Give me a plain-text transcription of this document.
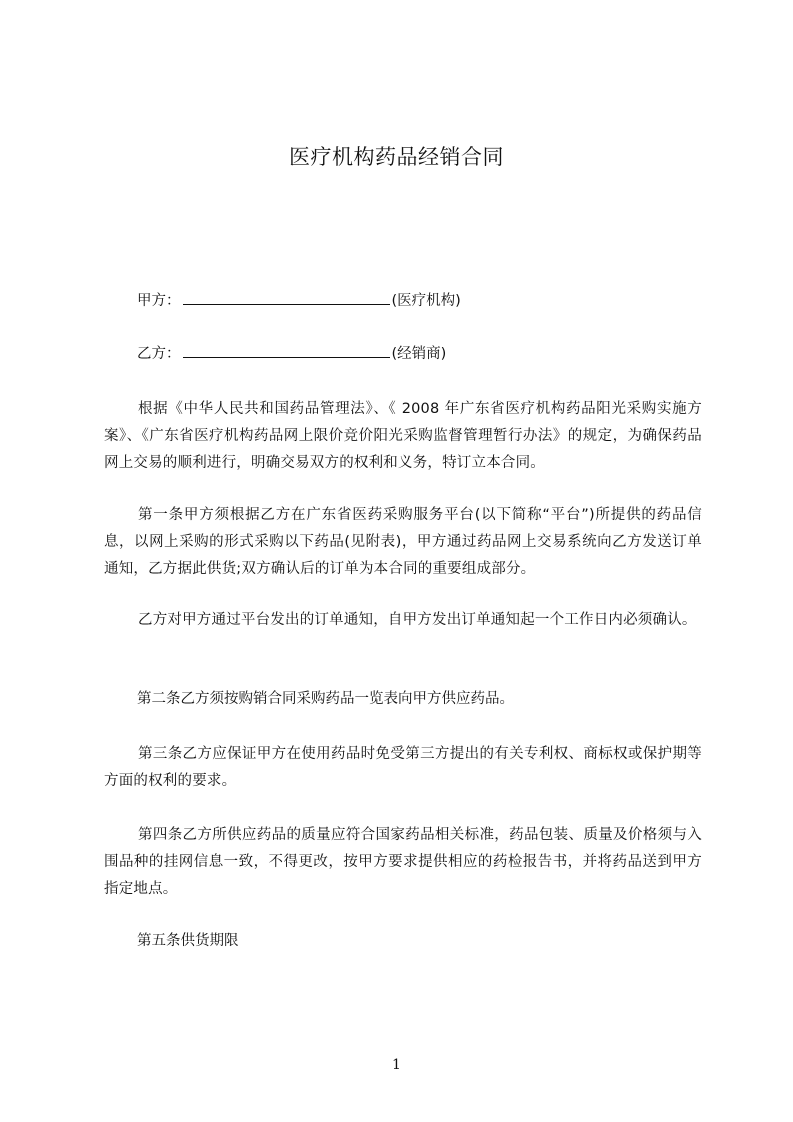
医疗机构药品经销合同
甲方：	(医疗机构)
乙方：	(经销商)

根据《中华人民共和国药品管理法》、《 2008 年广东省医疗机构药品阳光采购实施方案》、《广东省医疗机构药品网上限价竞价阳光采购监督管理暂行办法》的规定，为确保药品网上交易的顺利进行，明确交易双方的权利和义务，特订立本合同。

第一条甲方须根据乙方在广东省医药采购服务平台(以下简称“平台”)所提供的药品信息，以网上采购的形式采购以下药品(见附表)，甲方通过药品网上交易系统向乙方发送订单通知，乙方据此供货;双方确认后的订单为本合同的重要组成部分。

乙方对甲方通过平台发出的订单通知，自甲方发出订单通知起一个工作日内必须确认。

第二条乙方须按购销合同采购药品一览表向甲方供应药品。

第三条乙方应保证甲方在使用药品时免受第三方提出的有关专利权、商标权或保护期等方面的权利的要求。

第四条乙方所供应药品的质量应符合国家药品相关标准，药品包装、质量及价格须与入围品种的挂网信息一致，不得更改，按甲方要求提供相应的药检报告书，并将药品送到甲方指定地点。

第五条供货期限
1
